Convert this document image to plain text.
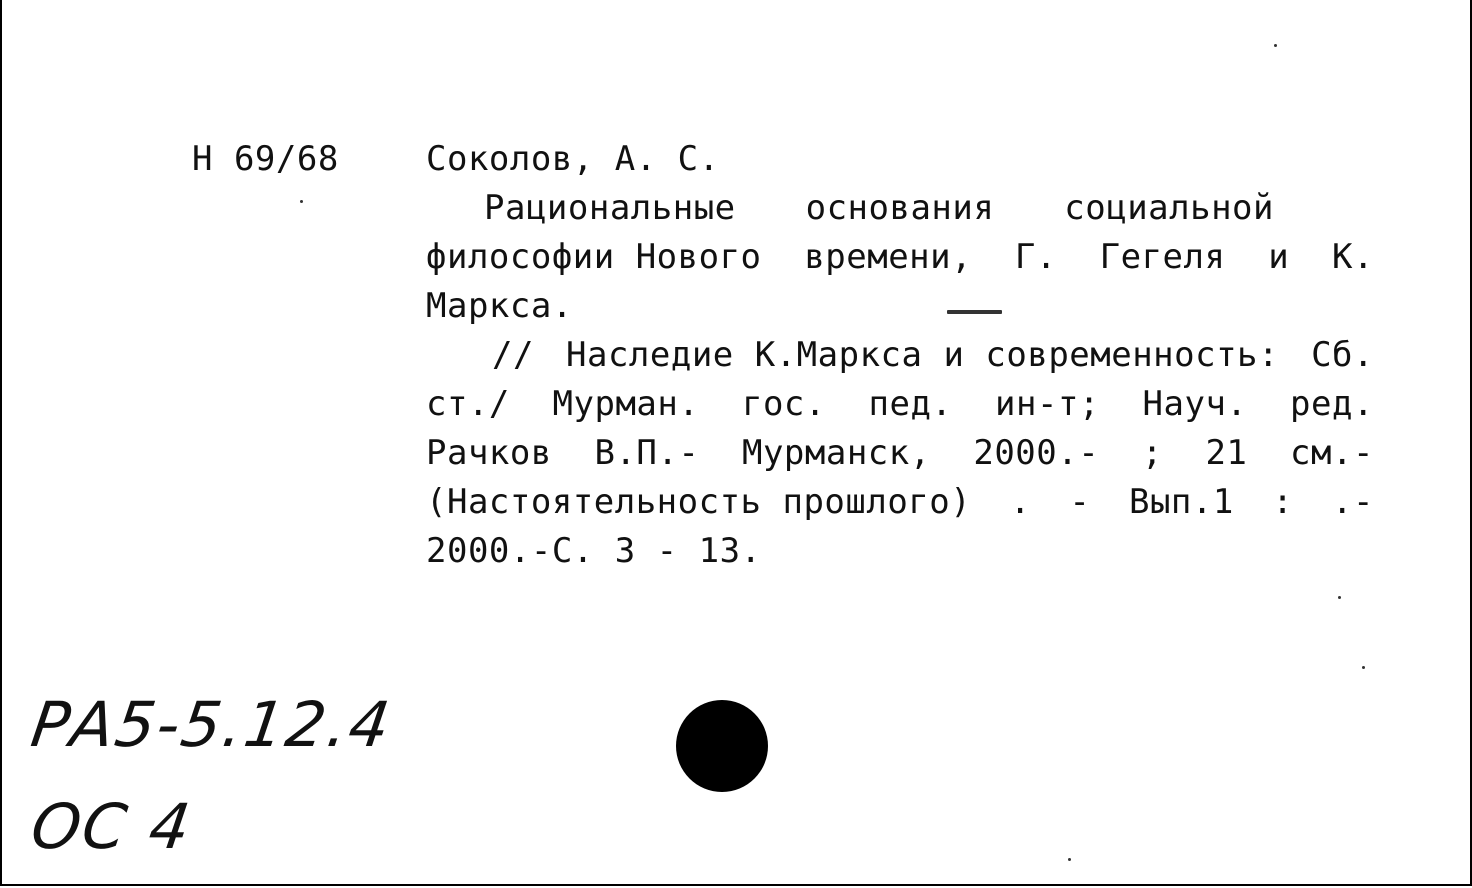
Н 69/68	Соколов, А. С.
Рациональные основания социальной
философии Нового времени, Г. Гегеля и К.
Маркса.
// Наследие К.Маркса и современность: Сб.
ст./ Мурман. гос. пед. ин-т; Науч. ред.
Рачков В.П.- Мурманск, 2000.- ; 21 см.-
(Настоятельность прошлого) . - Вып.1 : .-
2000.-С. 3 - 13.
РА5-5.12.4
ОС 4
